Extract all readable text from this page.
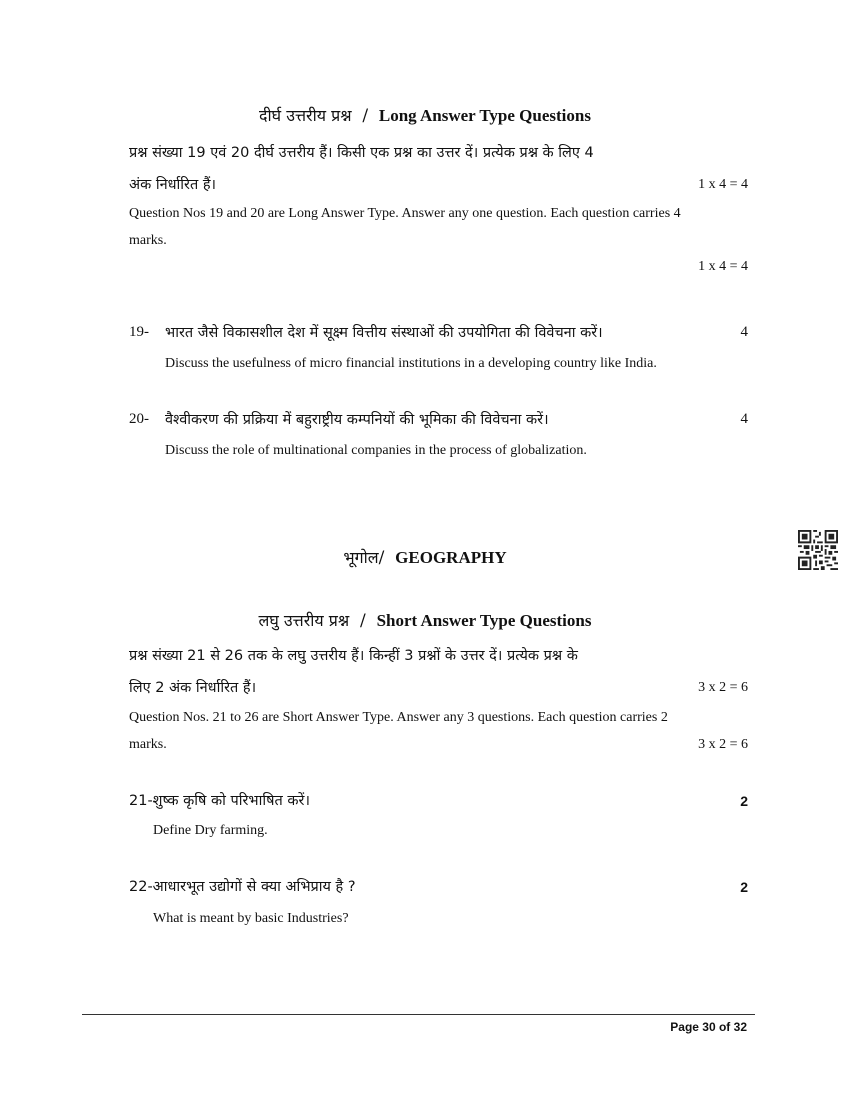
दीर्घ उत्तरीय प्रश्न / Long Answer Type Questions
प्रश्न संख्या 19 एवं 20 दीर्घ उत्तरीय हैं। किसी एक प्रश्न का उत्तर दें। प्रत्येक प्रश्न के लिए 4
अंक निर्धारित हैं।	1 x 4 = 4
Question Nos 19 and 20 are Long Answer Type. Answer any one question. Each question carries 4
marks.
1 x 4 = 4
19- भारत जैसे विकासशील देश में सूक्ष्म वित्तीय संस्थाओं की उपयोगिता की विवेचना करें।	4
Discuss the usefulness of micro financial institutions in a developing country like India.
20- वैश्वीकरण की प्रक्रिया में बहुराष्ट्रीय कम्पनियों की भूमिका की विवेचना करें।	4
Discuss the role of multinational companies in the process of globalization.
भूगोल/ GEOGRAPHY
लघु उत्तरीय प्रश्न / Short Answer Type Questions
प्रश्न संख्या 21 से 26 तक के लघु उत्तरीय हैं। किन्हीं 3 प्रश्नों के उत्तर दें। प्रत्येक प्रश्न के
लिए 2 अंक निर्धारित हैं।	3 x 2 = 6
Question Nos. 21 to 26 are Short Answer Type. Answer any 3 questions. Each question carries 2
marks.	3 x 2 = 6
21-शुष्क कृषि को परिभाषित करें।	2
Define Dry farming.
22-आधारभूत उद्योगों से क्या अभिप्राय है ?	2
What is meant by basic Industries?
Page 30 of 32
